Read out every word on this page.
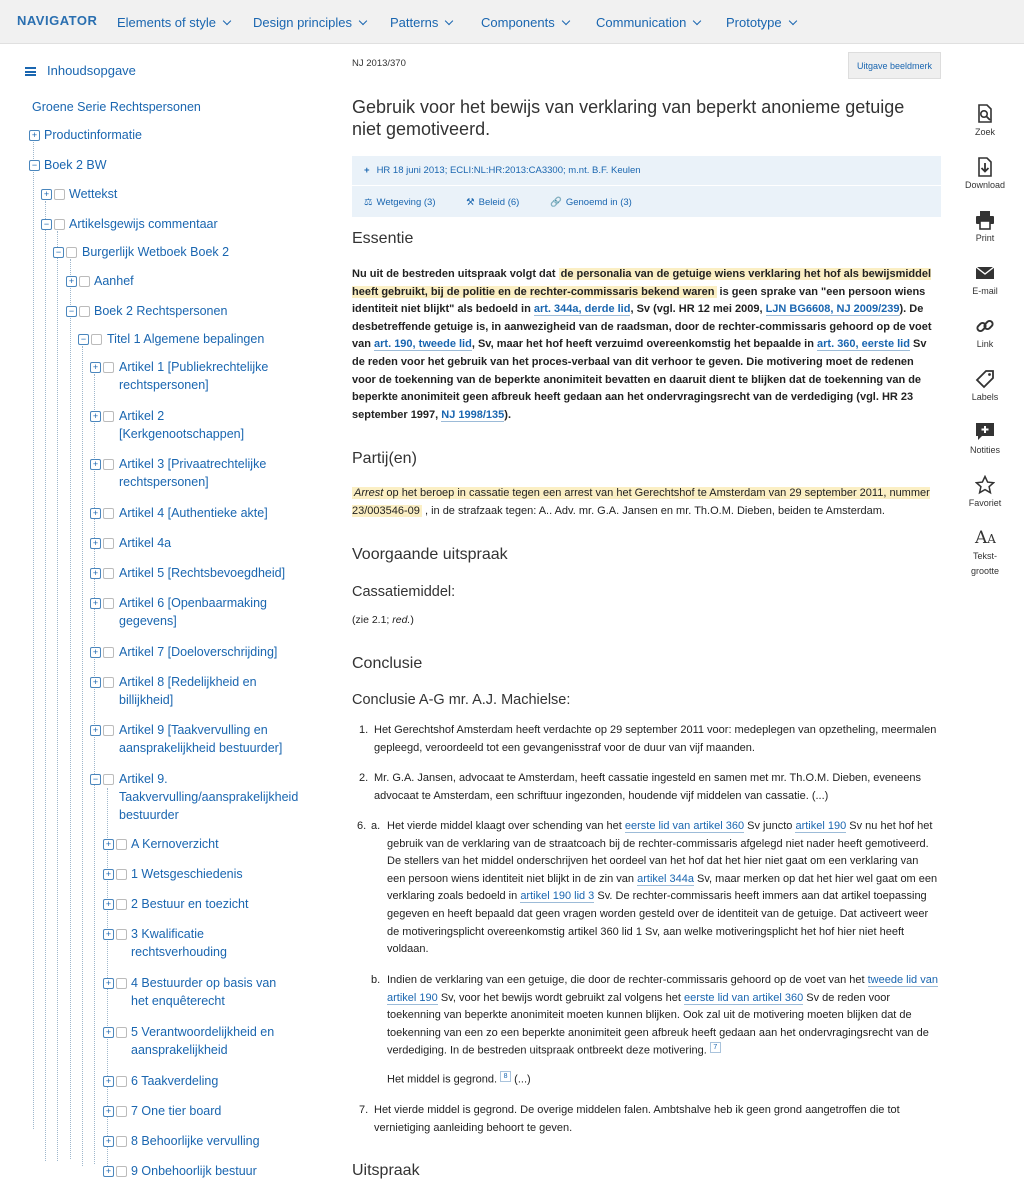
NAVIGATOR Elements of style	Design principles	Patterns	Components	Communication	Prototype
Inhoudsopgave
Groene Serie Rechtspersonen
+ Productinformatie
− Boek 2 BW
+ Wettekst
− Artikelsgewijs commentaar
− Burgerlijk Wetboek Boek 2
+ Aanhef
− Boek 2 Rechtspersonen
− Titel 1 Algemene bepalingen
+ Artikel 1 [Publiekrechtelijke rechtspersonen]
+ Artikel 2 [Kerkgenootschappen]
+ Artikel 3 [Privaatrechtelijke rechtspersonen]
+ Artikel 4 [Authentieke akte]
+ Artikel 4a
+ Artikel 5 [Rechtsbevoegdheid]
+ Artikel 6 [Openbaarmaking gegevens]
+ Artikel 7 [Doeloverschrijding]
+ Artikel 8 [Redelijkheid en billijkheid]
+ Artikel 9 [Taakvervulling en aansprakelijkheid bestuurder]
− Artikel 9. Taakvervulling/aansprakelijkheid bestuurder
+ A Kernoverzicht
+ 1 Wetsgeschiedenis
+ 2 Bestuur en toezicht
+ 3 Kwalificatie rechtsverhouding
+ 4 Bestuurder op basis van het enquêterecht
+ 5 Verantwoordelijkheid en aansprakelijkheid
+ 6 Taakverdeling
+ 7 One tier board
+ 8 Behoorlijke vervulling
+ 9 Onbehoorlijk bestuur
NJ 2013/370	Uitgave beeldmerk
Gebruik voor het bewijs van verklaring van beperkt anonieme getuige niet gemotiveerd.
+ HR 18 juni 2013; ECLI:NL:HR:2013:CA3300; m.nt. B.F. Keulen
⚖ Wetgeving (3)	⚒ Beleid (6)	🔗 Genoemd in (3)
Essentie
Nu uit de bestreden uitspraak volgt dat de personalia van de getuige wiens verklaring het hof als bewijsmiddel heeft gebruikt, bij de politie en de rechter-commissaris bekend waren is geen sprake van "een persoon wiens identiteit niet blijkt" als bedoeld in art. 344a, derde lid, Sv (vgl. HR 12 mei 2009, LJN BG6608, NJ 2009/239). De desbetreffende getuige is, in aanwezigheid van de raadsman, door de rechter-commissaris gehoord op de voet van art. 190, tweede lid, Sv, maar het hof heeft verzuimd overeenkomstig het bepaalde in art. 360, eerste lid Sv de reden voor het gebruik van het proces-verbaal van dit verhoor te geven. Die motivering moet de redenen voor de toekenning van de beperkte anonimiteit bevatten en daaruit dient te blijken dat de toekenning van de beperkte anonimiteit geen afbreuk heeft gedaan aan het ondervragingsrecht van de verdediging (vgl. HR 23 september 1997, NJ 1998/135).
Partij(en)
Arrest op het beroep in cassatie tegen een arrest van het Gerechtshof te Amsterdam van 29 september 2011, nummer 23/003546-09 , in de strafzaak tegen: A.. Adv. mr. G.A. Jansen en mr. Th.O.M. Dieben, beiden te Amsterdam.
Voorgaande uitspraak
Cassatiemiddel:
(zie 2.1; red.)
Conclusie
Conclusie A-G mr. A.J. Machielse:
1. Het Gerechtshof Amsterdam heeft verdachte op 29 september 2011 voor: medeplegen van opzetheling, meermalen gepleegd, veroordeeld tot een gevangenisstraf voor de duur van vijf maanden.
2. Mr. G.A. Jansen, advocaat te Amsterdam, heeft cassatie ingesteld en samen met mr. Th.O.M. Dieben, eveneens advocaat te Amsterdam, een schriftuur ingezonden, houdende vijf middelen van cassatie. (...)
6. a. Het vierde middel klaagt over schending van het eerste lid van artikel 360 Sv juncto artikel 190 Sv nu het hof het gebruik van de verklaring van de straatcoach bij de rechter-commissaris afgelegd niet nader heeft gemotiveerd. De stellers van het middel onderschrijven het oordeel van het hof dat het hier niet gaat om een verklaring van een persoon wiens identiteit niet blijkt in de zin van artikel 344a Sv, maar merken op dat het hier wel gaat om een verklaring zoals bedoeld in artikel 190 lid 3 Sv. De rechter-commissaris heeft immers aan dat artikel toepassing gegeven en heeft bepaald dat geen vragen worden gesteld over de identiteit van de getuige. Dat activeert weer de motiveringsplicht overeenkomstig artikel 360 lid 1 Sv, aan welke motiveringsplicht het hof hier niet heeft voldaan.
b. Indien de verklaring van een getuige, die door de rechter-commissaris gehoord op de voet van het tweede lid van artikel 190 Sv, voor het bewijs wordt gebruikt zal volgens het eerste lid van artikel 360 Sv de reden voor toekenning van beperkte anonimiteit moeten kunnen blijken. Ook zal uit de motivering moeten blijken dat de toekenning van een zo een beperkte anonimiteit geen afbreuk heeft gedaan aan het ondervragingsrecht van de verdediging. In de bestreden uitspraak ontbreekt deze motivering. 7
Het middel is gegrond. 8 (...)
7. Het vierde middel is gegrond. De overige middelen falen. Ambtshalve heb ik geen grond aangetroffen die tot vernietiging aanleiding behoort te geven.
Uitspraak
Zoek
Download
Print
E-mail
Link
Labels
Notities
Favoriet
AA
Tekst-
grootte
